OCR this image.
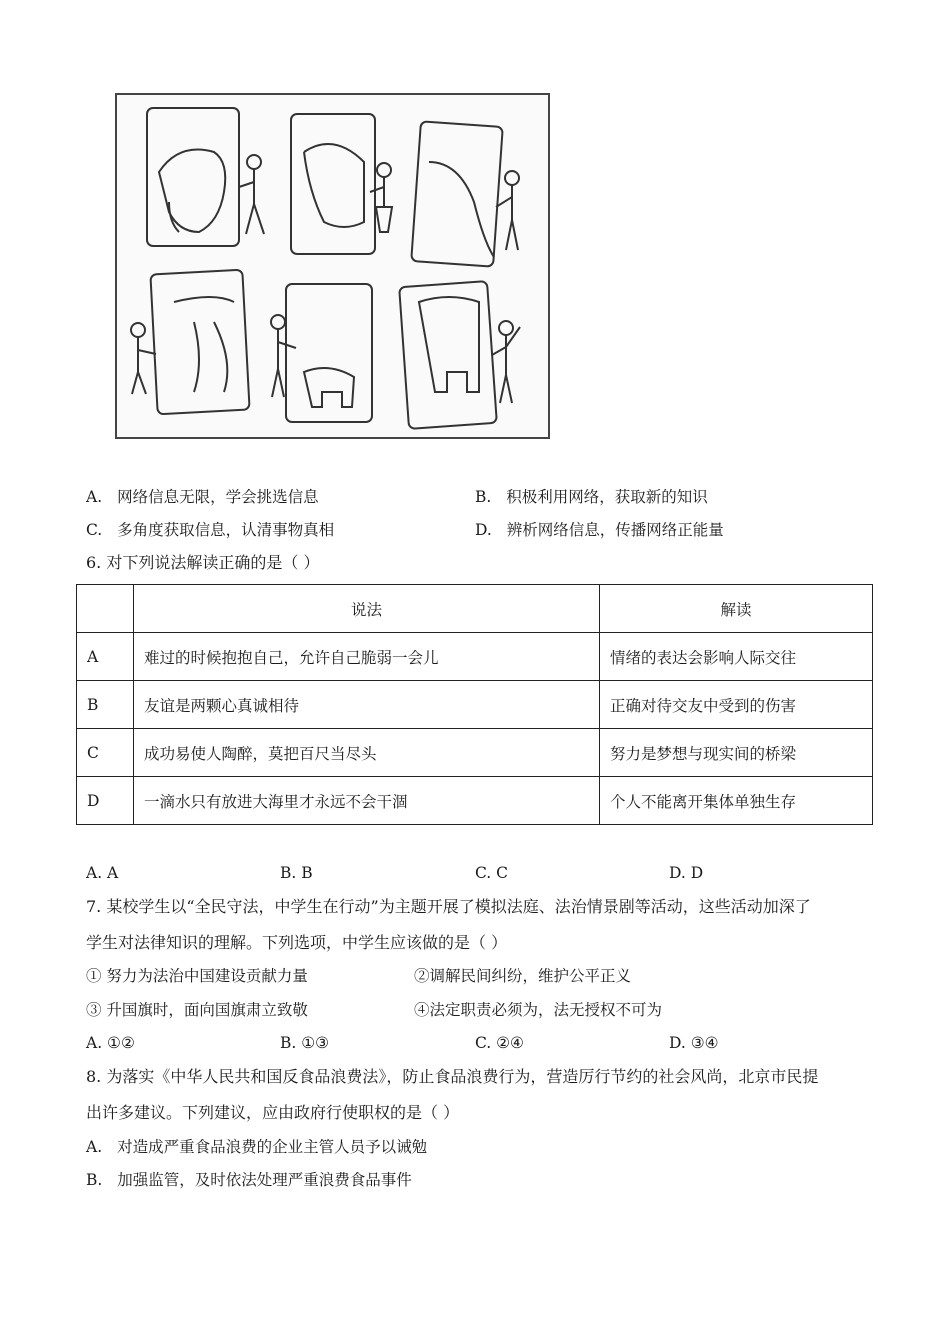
A. 网络信息无限，学会挑选信息	B. 积极利用网络，获取新的知识
C. 多角度获取信息，认清事物真相	D. 辨析网络信息，传播网络正能量
6. 对下列说法解读正确的是（ ）
	说法	解读
A	难过的时候抱抱自己，允许自己脆弱一会儿	情绪的表达会影响人际交往
B	友谊是两颗心真诚相待	正确对待交友中受到的伤害
C	成功易使人陶醉，莫把百尺当尽头	努力是梦想与现实间的桥梁
D	一滴水只有放进大海里才永远不会干涸	个人不能离开集体单独生存
A. A	B. B	C. C	D. D
7. 某校学生以“全民守法，中学生在行动”为主题开展了模拟法庭、法治情景剧等活动，这些活动加深了
学生对法律知识的理解。下列选项，中学生应该做的是（ ）
① 努力为法治中国建设贡献力量	②调解民间纠纷，维护公平正义
③ 升国旗时，面向国旗肃立致敬	④法定职责必须为，法无授权不可为
A. ①②	B. ①③	C. ②④	D. ③④
8. 为落实《中华人民共和国反食品浪费法》，防止食品浪费行为，营造厉行节约的社会风尚，北京市民提
出许多建议。下列建议，应由政府行使职权的是（ ）
A. 对造成严重食品浪费的企业主管人员予以诫勉
B. 加强监管，及时依法处理严重浪费食品事件
